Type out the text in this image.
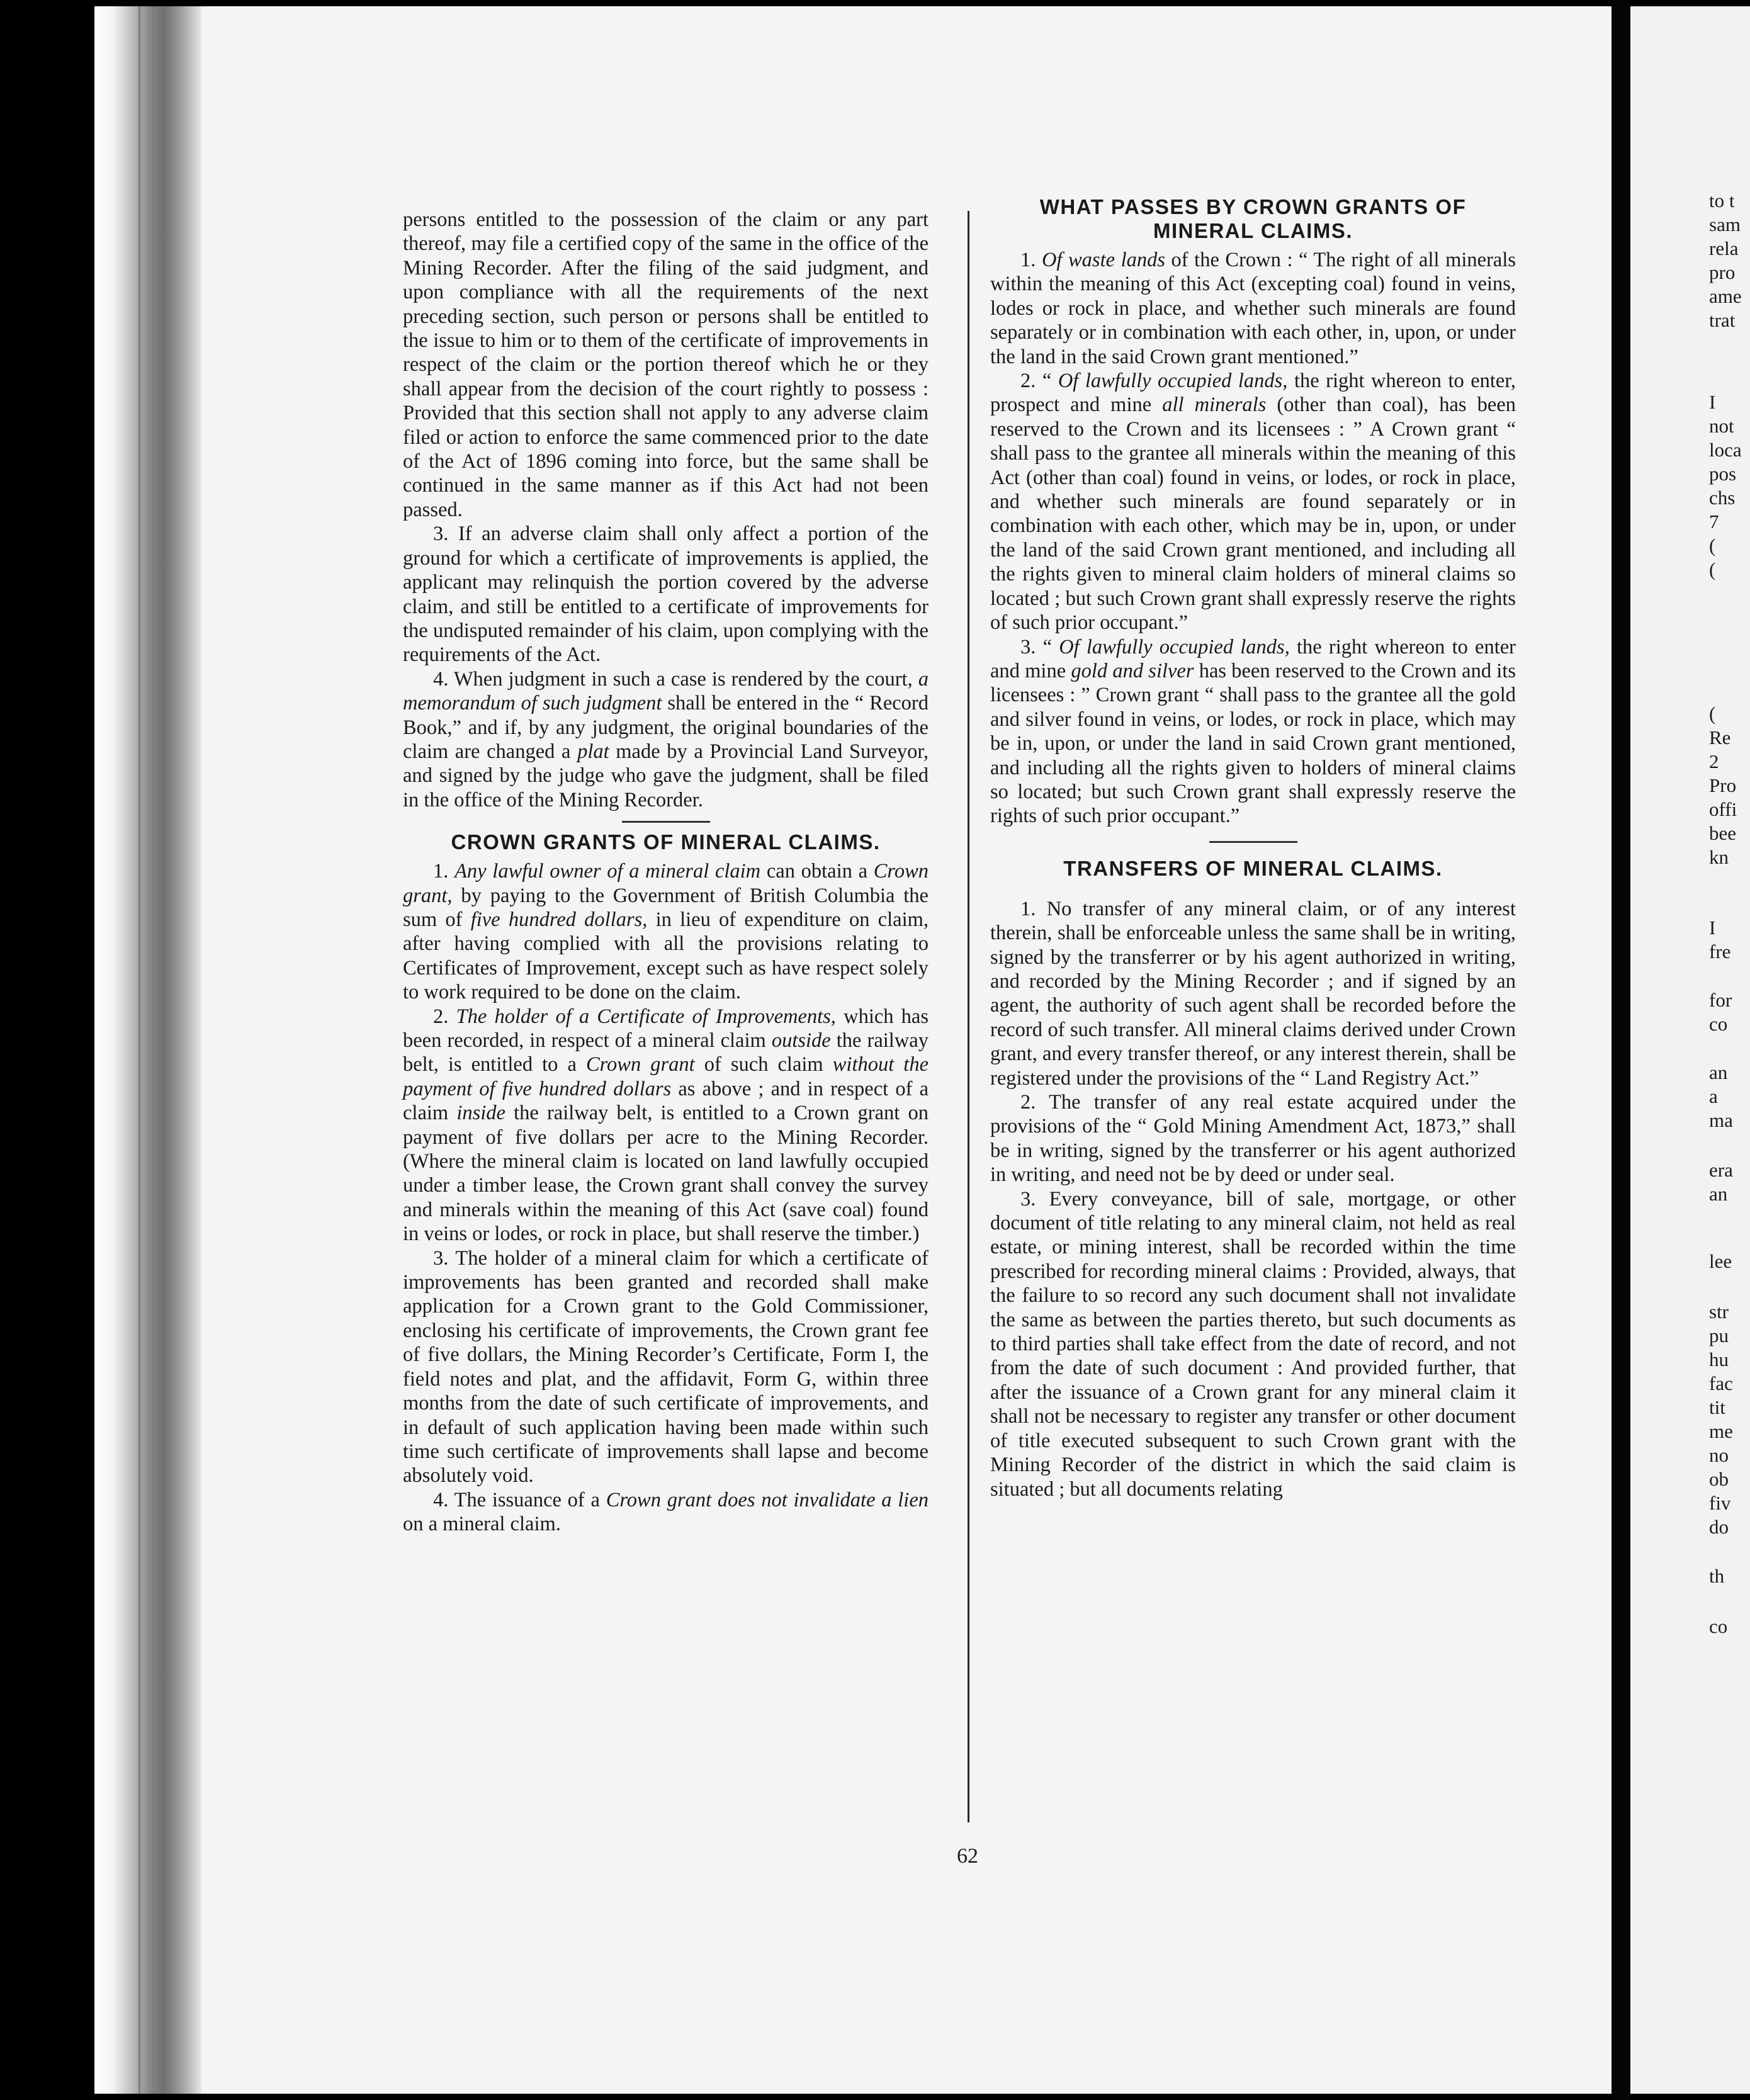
persons entitled to the possession of the claim or any part thereof, may file a certified copy of the same in the office of the Mining Recorder. After the filing of the said judgment, and upon compliance with all the requirements of the next preceding section, such person or persons shall be entitled to the issue to him or to them of the certificate of improvements in respect of the claim or the portion thereof which he or they shall appear from the decision of the court rightly to possess : Provided that this section shall not apply to any adverse claim filed or action to enforce the same commenced prior to the date of the Act of 1896 coming into force, but the same shall be continued in the same manner as if this Act had not been passed.

3. If an adverse claim shall only affect a portion of the ground for which a certificate of improvements is applied, the applicant may relinquish the portion covered by the adverse claim, and still be entitled to a certificate of improvements for the undisputed remainder of his claim, upon complying with the requirements of the Act.

4. When judgment in such a case is rendered by the court, a memorandum of such judgment shall be entered in the “ Record Book,” and if, by any judgment, the original boundaries of the claim are changed a plat made by a Provincial Land Surveyor, and signed by the judge who gave the judgment, shall be filed in the office of the Mining Recorder.

CROWN GRANTS OF MINERAL CLAIMS.

1. Any lawful owner of a mineral claim can obtain a Crown grant, by paying to the Government of British Columbia the sum of five hundred dollars, in lieu of expenditure on claim, after having complied with all the provisions relating to Certificates of Improvement, except such as have respect solely to work required to be done on the claim.

2. The holder of a Certificate of Improvements, which has been recorded, in respect of a mineral claim outside the railway belt, is entitled to a Crown grant of such claim without the payment of five hundred dollars as above ; and in respect of a claim inside the railway belt, is entitled to a Crown grant on payment of five dollars per acre to the Mining Recorder. (Where the mineral claim is located on land lawfully occupied under a timber lease, the Crown grant shall convey the survey and minerals within the meaning of this Act (save coal) found in veins or lodes, or rock in place, but shall reserve the timber.)

3. The holder of a mineral claim for which a certificate of improvements has been granted and recorded shall make application for a Crown grant to the Gold Commissioner, enclosing his certificate of improvements, the Crown grant fee of five dollars, the Mining Recorder’s Certificate, Form I, the field notes and plat, and the affidavit, Form G, within three months from the date of such certificate of improvements, and in default of such application having been made within such time such certificate of improvements shall lapse and become absolutely void.

4. The issuance of a Crown grant does not invalidate a lien on a mineral claim.

WHAT PASSES BY CROWN GRANTS OF
MINERAL CLAIMS.

1. Of waste lands of the Crown : “ The right of all minerals within the meaning of this Act (excepting coal) found in veins, lodes or rock in place, and whether such minerals are found separately or in combination with each other, in, upon, or under the land in the said Crown grant mentioned.”

2. “ Of lawfully occupied lands, the right whereon to enter, prospect and mine all minerals (other than coal), has been reserved to the Crown and its licensees : ” A Crown grant “ shall pass to the grantee all minerals within the meaning of this Act (other than coal) found in veins, or lodes, or rock in place, and whether such minerals are found separately or in combination with each other, which may be in, upon, or under the land of the said Crown grant mentioned, and including all the rights given to mineral claim holders of mineral claims so located ; but such Crown grant shall expressly reserve the rights of such prior occupant.”

3. “ Of lawfully occupied lands, the right whereon to enter and mine gold and silver has been reserved to the Crown and its licensees : ” Crown grant “ shall pass to the grantee all the gold and silver found in veins, or lodes, or rock in place, which may be in, upon, or under the land in said Crown grant mentioned, and including all the rights given to holders of mineral claims so located; but such Crown grant shall expressly reserve the rights of such prior occupant.”

TRANSFERS OF MINERAL CLAIMS.

1. No transfer of any mineral claim, or of any interest therein, shall be enforceable unless the same shall be in writing, signed by the transferrer or by his agent authorized in writing, and recorded by the Mining Recorder ; and if signed by an agent, the authority of such agent shall be recorded before the record of such transfer. All mineral claims derived under Crown grant, and every transfer thereof, or any interest therein, shall be registered under the provisions of the “ Land Registry Act.”

2. The transfer of any real estate acquired under the provisions of the “ Gold Mining Amendment Act, 1873,” shall be in writing, signed by the transferrer or his agent authorized in writing, and need not be by deed or under seal.

3. Every conveyance, bill of sale, mortgage, or other document of title relating to any mineral claim, not held as real estate, or mining interest, shall be recorded within the time prescribed for recording mineral claims : Provided, always, that the failure to so record any such document shall not invalidate the same as between the parties thereto, but such documents as to third parties shall take effect from the date of record, and not from the date of such document : And provided further, that after the issuance of a Crown grant for any mineral claim it shall not be necessary to register any transfer or other document of title executed subsequent to such Crown grant with the Mining Recorder of the district in which the said claim is situated ; but all documents relating

62
to t
sam
rela
pro
ame
trat
I
not
loca
pos
chs
7
(
(
(
Re
2
Pro
offi
bee
kn
I
fre
for
co
an
a
ma
era
an
lee
str
pu
hu
fac
tit
me
no
ob
fiv
do
th
co
